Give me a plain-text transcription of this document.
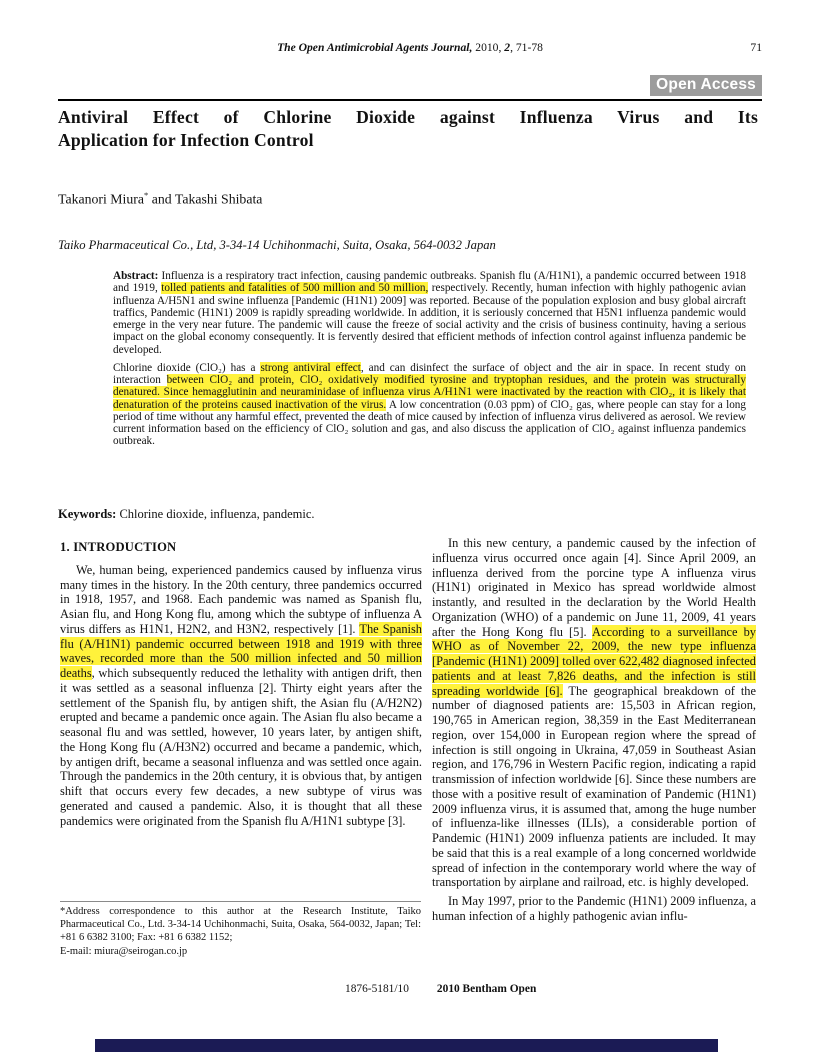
The Open Antimicrobial Agents Journal, 2010, 2, 71-78	71
Open Access
Antiviral Effect of Chlorine Dioxide against Influenza Virus and Its
Application for Infection Control
Takanori Miura* and Takashi Shibata
Taiko Pharmaceutical Co., Ltd, 3-34-14 Uchihonmachi, Suita, Osaka, 564-0032 Japan

Abstract: Influenza is a respiratory tract infection, causing pandemic outbreaks. Spanish flu (A/H1N1), a pandemic occurred between 1918 and 1919, tolled patients and fatalities of 500 million and 50 million, respectively. Recently, human infection with highly pathogenic avian influenza A/H5N1 and swine influenza [Pandemic (H1N1) 2009] was reported. Because of the population explosion and busy global aircraft traffics, Pandemic (H1N1) 2009 is rapidly spreading worldwide. In addition, it is seriously concerned that H5N1 influenza pandemic would emerge in the very near future. The pandemic will cause the freeze of social activity and the crisis of business continuity, having a serious impact on the global economy consequently. It is fervently desired that efficient methods of infection control against influenza pandemic be developed.

Chlorine dioxide (ClO₂) has a strong antiviral effect, and can disinfect the surface of object and the air in space. In recent study on interaction between ClO₂ and protein, ClO₂ oxidatively modified tyrosine and tryptophan residues, and the protein was structurally denatured. Since hemagglutinin and neuraminidase of influenza virus A/H1N1 were inactivated by the reaction with ClO₂, it is likely that denaturation of the proteins caused inactivation of the virus. A low concentration (0.03 ppm) of ClO₂ gas, where people can stay for a long period of time without any harmful effect, prevented the death of mice caused by infection of influenza virus delivered as aerosol. We review current information based on the efficiency of ClO₂ solution and gas, and also discuss the application of ClO₂ against influenza pandemics outbreak.

Keywords: Chlorine dioxide, influenza, pandemic.
1. INTRODUCTION

We, human being, experienced pandemics caused by influenza virus many times in the history. In the 20th century, three pandemics occurred in 1918, 1957, and 1968. Each pandemic was named as Spanish flu, Asian flu, and Hong Kong flu, among which the subtype of influenza A virus differs as H1N1, H2N2, and H3N2, respectively [1]. The Spanish flu (A/H1N1) pandemic occurred between 1918 and 1919 with three waves, recorded more than the 500 million infected and 50 million deaths, which subsequently reduced the lethality with antigen drift, then it was settled as a seasonal influenza [2]. Thirty eight years after the settlement of the Spanish flu, by antigen shift, the Asian flu (A/H2N2) erupted and became a pandemic once again. The Asian flu also became a seasonal flu and was settled, however, 10 years later, by antigen shift, the Hong Kong flu (A/H3N2) occurred and became a pandemic, which, by antigen drift, became a seasonal influenza and was settled once again. Through the pandemics in the 20th century, it is obvious that, by antigen shift that occurs every few decades, a new subtype of virus was generated and caused a pandemic. Also, it is thought that all these pandemics were originated from the Spanish flu A/H1N1 subtype [3].

In this new century, a pandemic caused by the infection of influenza virus occurred once again [4]. Since April 2009, an influenza derived from the porcine type A influenza virus (H1N1) originated in Mexico has spread worldwide almost instantly, and resulted in the declaration by the World Health Organization (WHO) of a pandemic on June 11, 2009, 41 years after the Hong Kong flu [5]. According to a surveillance by WHO as of November 22, 2009, the new type influenza [Pandemic (H1N1) 2009] tolled over 622,482 diagnosed infected patients and at least 7,826 deaths, and the infection is still spreading worldwide [6]. The geographical breakdown of the number of diagnosed patients are: 15,503 in African region, 190,765 in American region, 38,359 in the East Mediterranean region, over 154,000 in European region where the spread of infection is still ongoing in Ukraina, 47,059 in Southeast Asian region, and 176,796 in Western Pacific region, indicating a rapid transmission of infection worldwide [6]. Since these numbers are those with a positive result of examination of Pandemic (H1N1) 2009 influenza virus, it is assumed that, among the huge number of influenza-like illnesses (ILIs), a considerable portion of Pandemic (H1N1) 2009 influenza patients are included. It may be said that this is a real example of a long concerned worldwide spread of infection in the contemporary world where the way of transportation by airplane and railroad, etc. is highly developed.

In May 1997, prior to the Pandemic (H1N1) 2009 influenza, a human infection of a highly pathogenic avian influ-

*Address correspondence to this author at the Research Institute, Taiko Pharmaceutical Co., Ltd. 3-34-14 Uchihonmachi, Suita, Osaka, 564-0032, Japan; Tel: +81 6 6382 3100; Fax: +81 6 6382 1152;

E-mail: miura@seirogan.co.jp

1876-5181/10 2010 Bentham Open
